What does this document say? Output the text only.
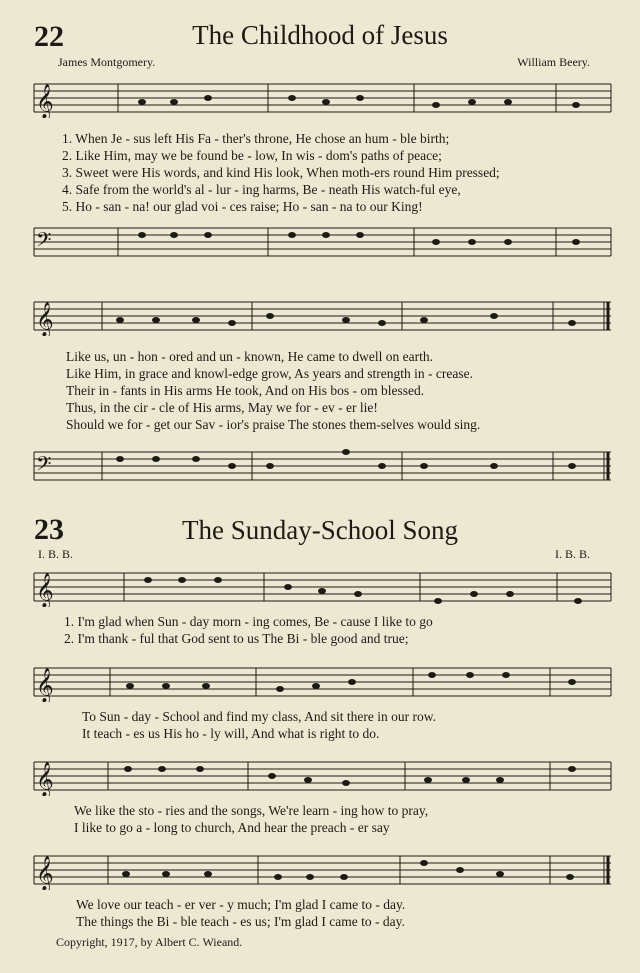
22	The Childhood of Jesus
James Montgomery.	William Beery.
𝄞
1. When Je - sus left His Fa - ther's throne, He chose an hum - ble birth;
2. Like Him, may we be found be - low, In wis - dom's paths of peace;
3. Sweet were His words, and kind His look, When moth-ers round Him pressed;
4. Safe from the world's al - lur - ing harms, Be - neath His watch-ful eye,
5. Ho - san - na! our glad voi - ces raise; Ho - san - na to our King!
𝄢
𝄞
Like us, un - hon - ored and un - known, He came to dwell on earth.
Like Him, in grace and knowl-edge grow, As years and strength in - crease.
Their in - fants in His arms He took, And on His bos - om blessed.
Thus, in the cir - cle of His arms, May we for - ev - er lie!
Should we for - get our Sav - ior's praise The stones them-selves would sing.
𝄢
23	The Sunday-School Song
I. B. B.	I. B. B.
𝄞
1. I'm glad when Sun - day morn - ing comes, Be - cause I like to go
2. I'm thank - ful that God sent to us The Bi - ble good and true;
𝄞
To Sun - day - School and find my class, And sit there in our row.
It teach - es us His ho - ly will, And what is right to do.
𝄞
We like the sto - ries and the songs, We're learn - ing how to pray,
I like to go a - long to church, And hear the preach - er say
𝄞
We love our teach - er ver - y much; I'm glad I came to - day.
The things the Bi - ble teach - es us; I'm glad I came to - day.
Copyright, 1917, by Albert C. Wieand.
